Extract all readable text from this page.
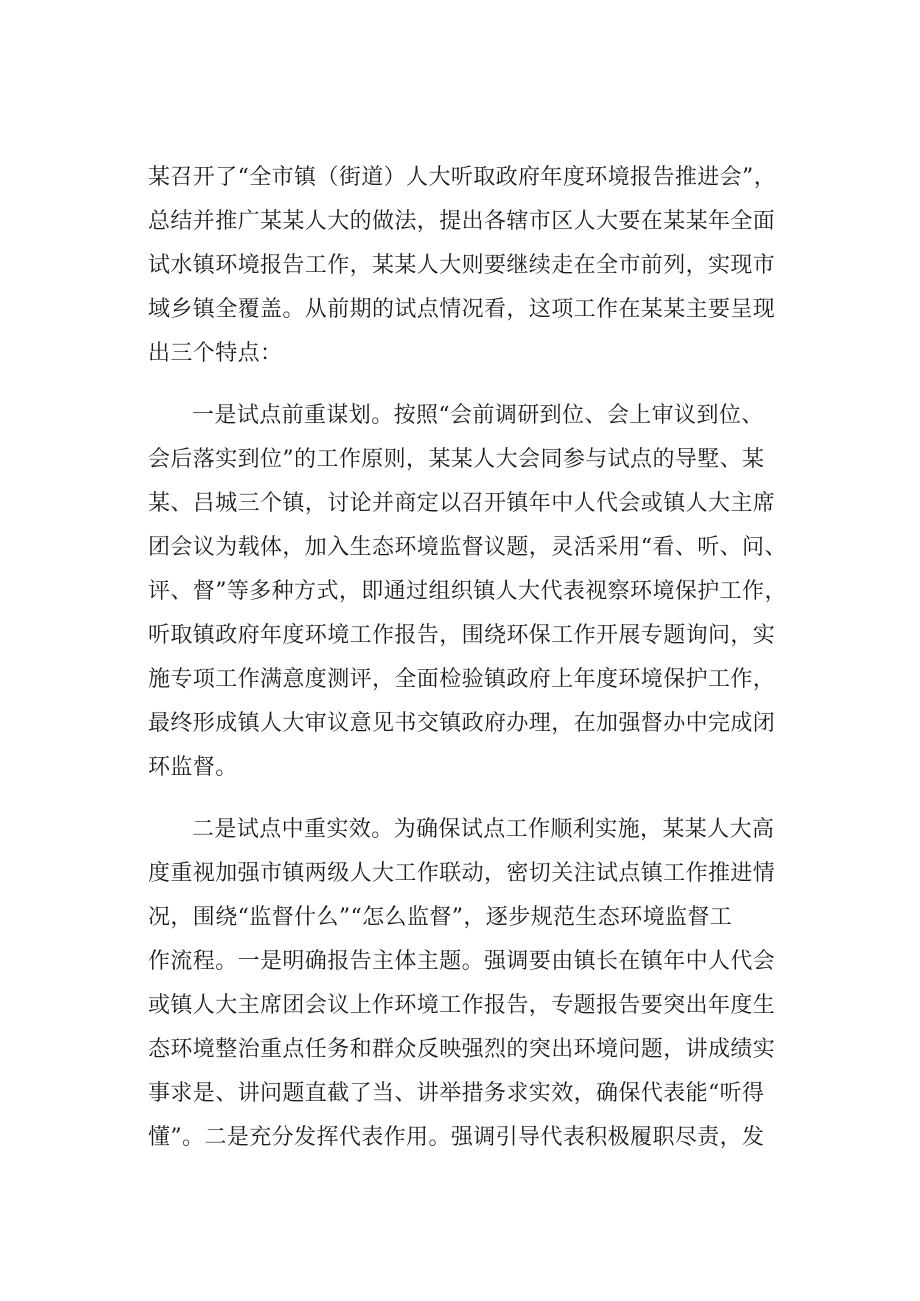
某召开了“全市镇（街道）人大听取政府年度环境报告推进会”，
总结并推广某某人大的做法，提出各辖市区人大要在某某年全面
试水镇环境报告工作，某某人大则要继续走在全市前列，实现市
域乡镇全覆盖。从前期的试点情况看，这项工作在某某主要呈现
出三个特点：
一是试点前重谋划。按照“会前调研到位、会上审议到位、
会后落实到位”的工作原则，某某人大会同参与试点的导墅、某
某、吕城三个镇，讨论并商定以召开镇年中人代会或镇人大主席
团会议为载体，加入生态环境监督议题，灵活采用“看、听、问、
评、督”等多种方式，即通过组织镇人大代表视察环境保护工作，
听取镇政府年度环境工作报告，围绕环保工作开展专题询问，实
施专项工作满意度测评，全面检验镇政府上年度环境保护工作，
最终形成镇人大审议意见书交镇政府办理，在加强督办中完成闭
环监督。
二是试点中重实效。为确保试点工作顺利实施，某某人大高
度重视加强市镇两级人大工作联动，密切关注试点镇工作推进情
况，围绕“监督什么”“怎么监督”，逐步规范生态环境监督工
作流程。一是明确报告主体主题。强调要由镇长在镇年中人代会
或镇人大主席团会议上作环境工作报告，专题报告要突出年度生
态环境整治重点任务和群众反映强烈的突出环境问题，讲成绩实
事求是、讲问题直截了当、讲举措务求实效，确保代表能“听得
懂”。二是充分发挥代表作用。强调引导代表积极履职尽责，发
